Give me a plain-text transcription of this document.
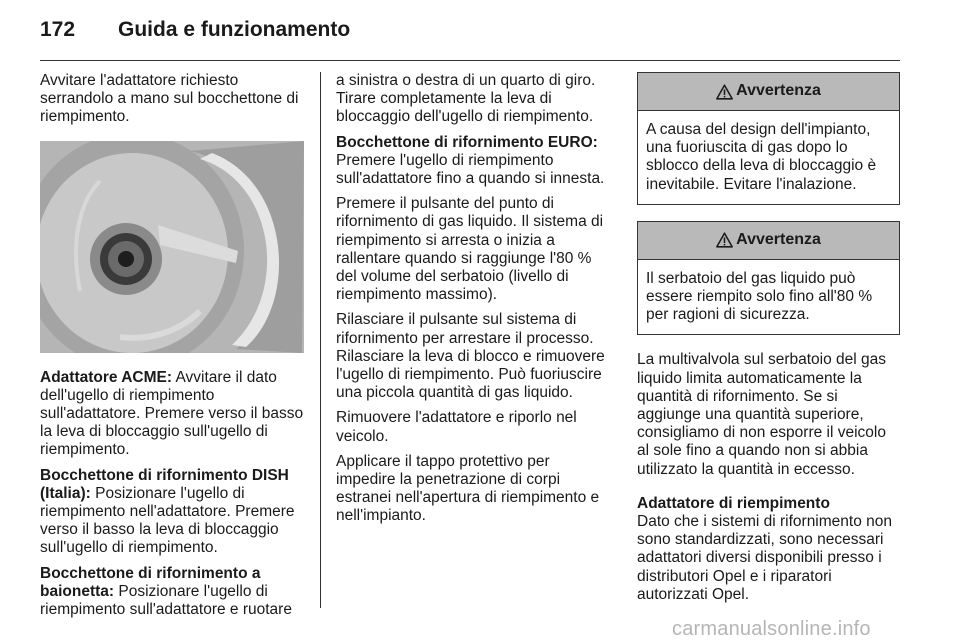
172	Guida e funzionamento

Avvitare l'adattatore richiesto serrandolo a mano sul bocchettone di riempimento.

Adattatore ACME: Avvitare il dato dell'ugello di riempimento sull'adattatore. Premere verso il basso la leva di bloccaggio sull'ugello di riempimento.

Bocchettone di rifornimento DISH (Italia): Posizionare l'ugello di riempimento nell'adattatore. Premere verso il basso la leva di bloccaggio sull'ugello di riempimento.

Bocchettone di rifornimento a baionetta: Posizionare l'ugello di riempimento sull'adattatore e ruotare

a sinistra o destra di un quarto di giro. Tirare completamente la leva di bloccaggio dell'ugello di riempimento.

Bocchettone di rifornimento EURO:
Premere l'ugello di riempimento sull'adattatore fino a quando si innesta.

Premere il pulsante del punto di rifornimento di gas liquido. Il sistema di riempimento si arresta o inizia a rallentare quando si raggiunge l'80 % del volume del serbatoio (livello di riempimento massimo).

Rilasciare il pulsante sul sistema di rifornimento per arrestare il processo. Rilasciare la leva di blocco e rimuovere l'ugello di riempimento. Può fuoriuscire una piccola quantità di gas liquido.

Rimuovere l'adattatore e riporlo nel veicolo.

Applicare il tappo protettivo per impedire la penetrazione di corpi estranei nell'apertura di riempimento e nell'impianto.

Avvertenza
A causa del design dell'impianto, una fuoriuscita di gas dopo lo sblocco della leva di bloccaggio è inevitabile. Evitare l'inalazione.
Avvertenza
Il serbatoio del gas liquido può essere riempito solo fino all'80 % per ragioni di sicurezza.

La multivalvola sul serbatoio del gas liquido limita automaticamente la quantità di rifornimento. Se si aggiunge una quantità superiore, consigliamo di non esporre il veicolo al sole fino a quando non si abbia utilizzato la quantità in eccesso.

Adattatore di riempimento
Dato che i sistemi di rifornimento non sono standardizzati, sono necessari adattatori diversi disponibili presso i distributori Opel e i riparatori autorizzati Opel.

carmanualsonline.info
